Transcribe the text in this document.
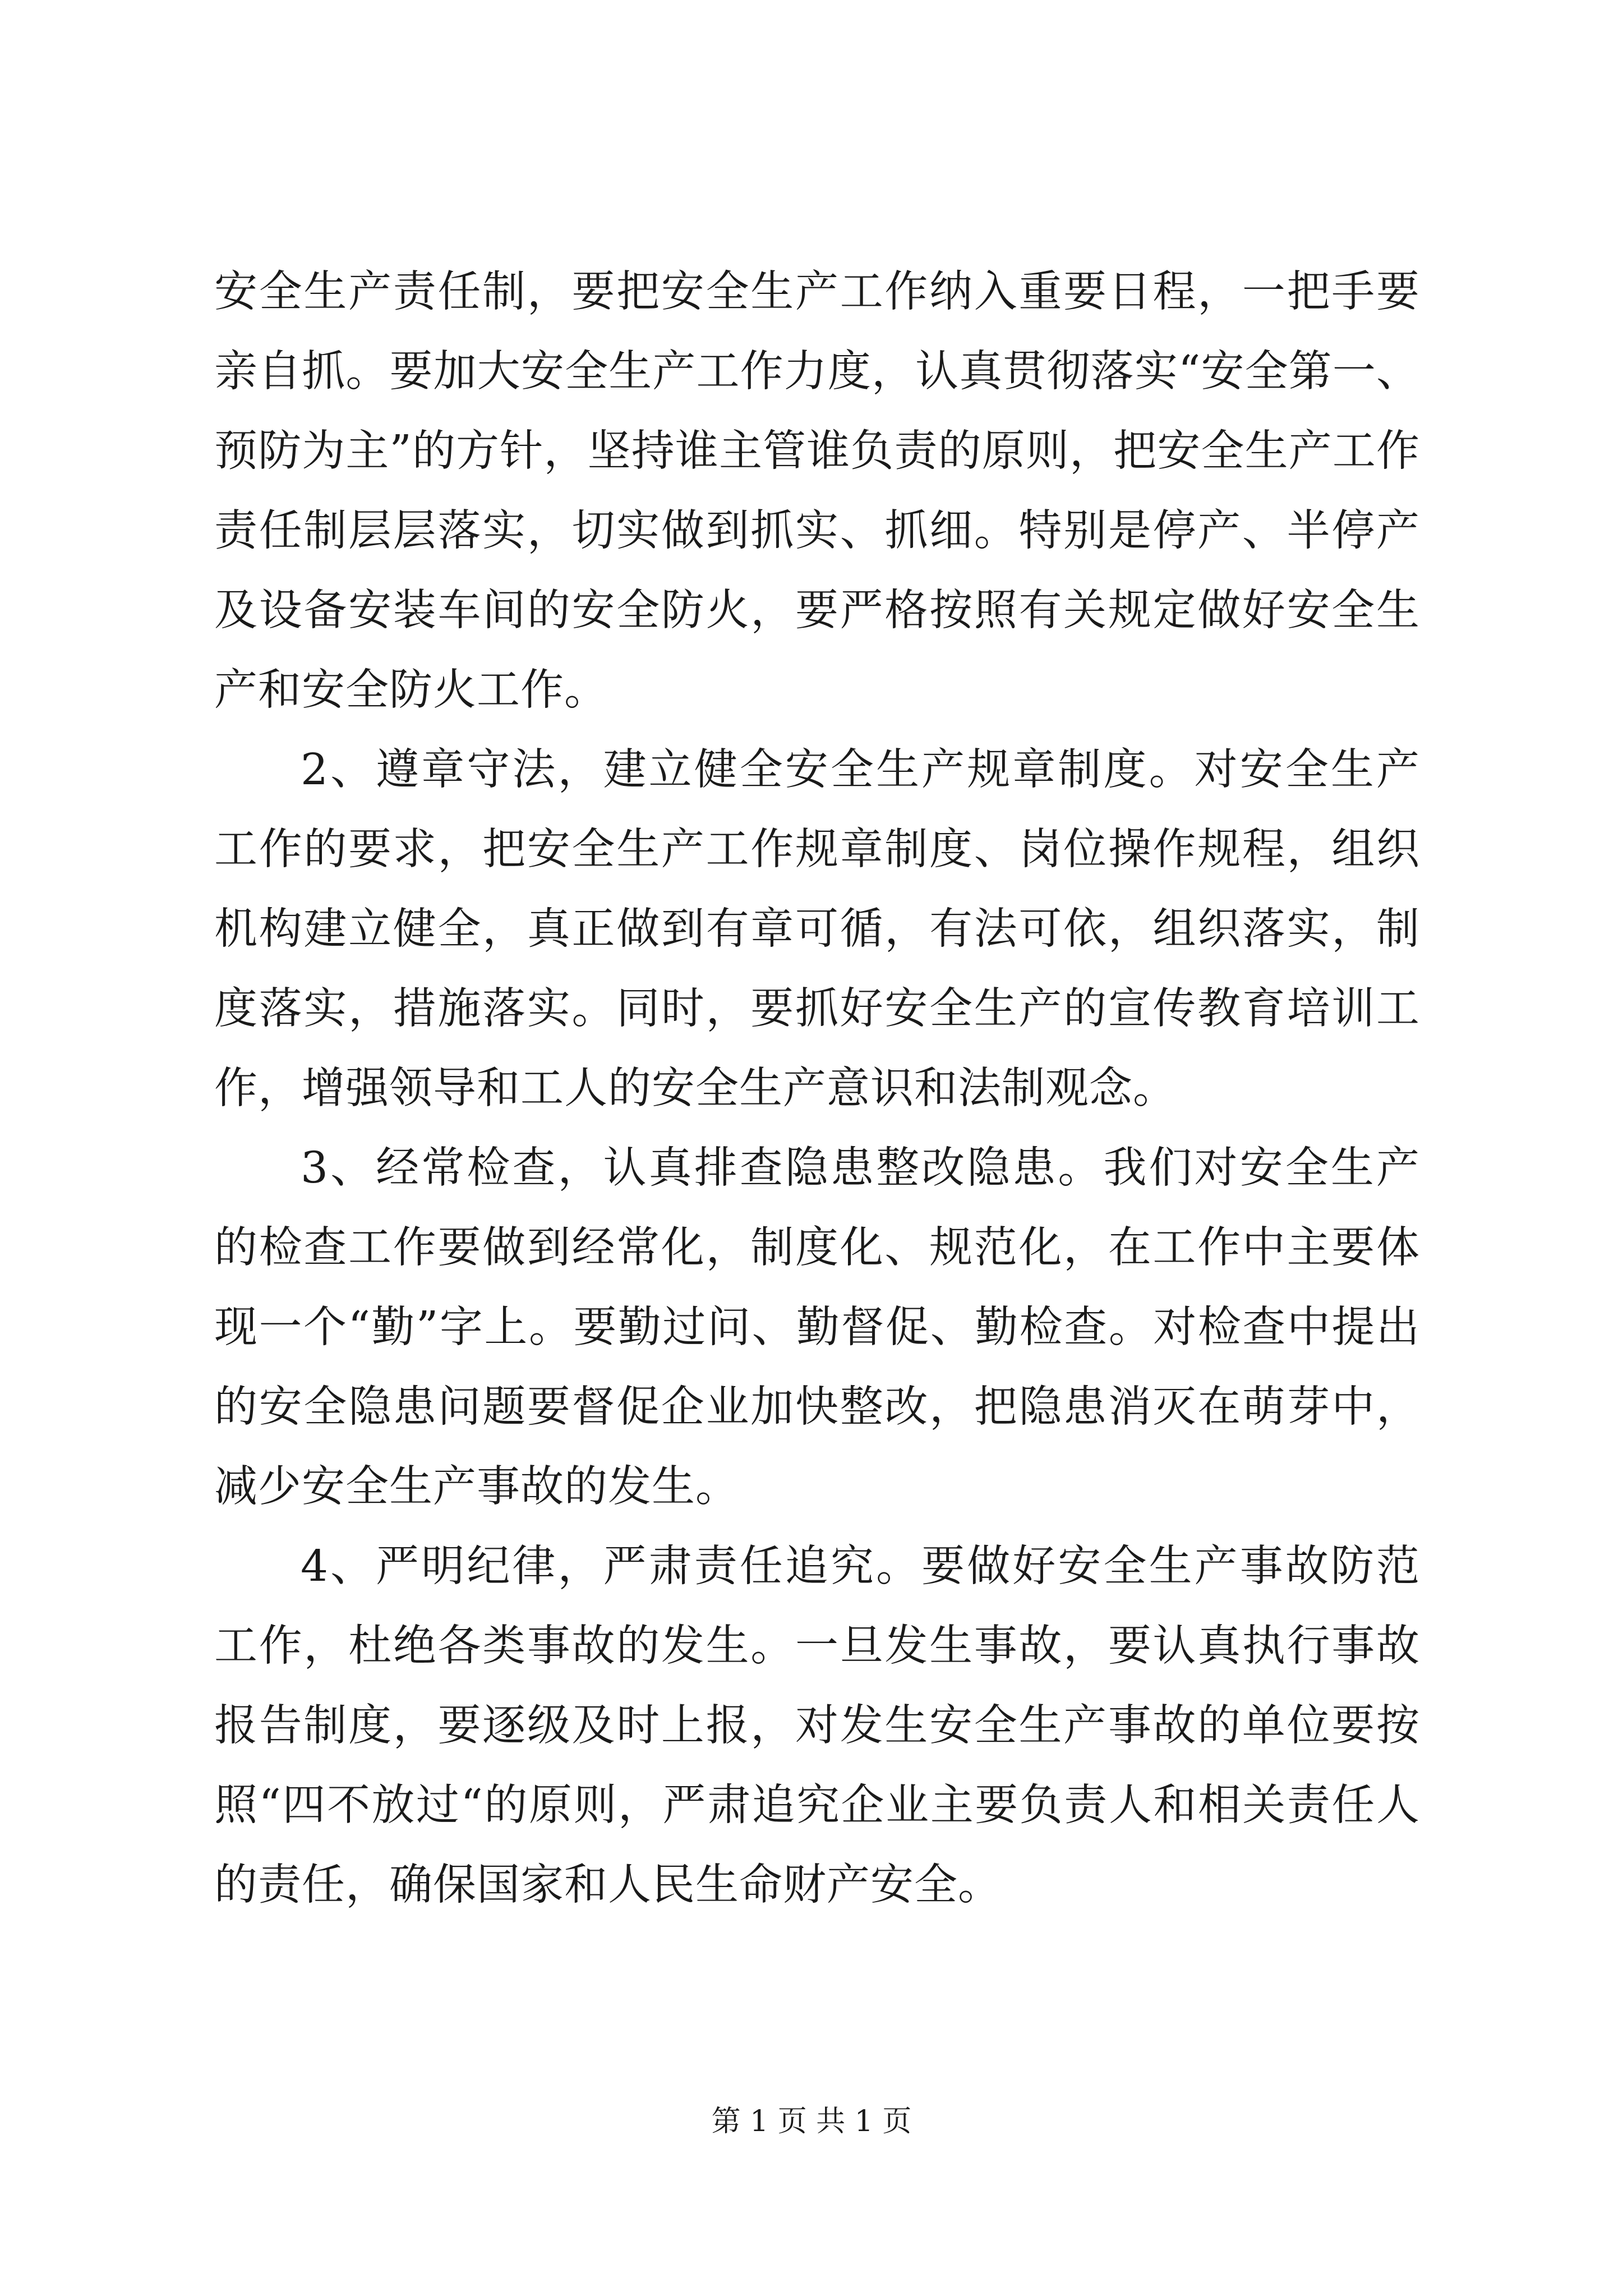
安全生产责任制，要把安全生产工作纳入重要日程，一把手要亲自抓。要加大安全生产工作力度，认真贯彻落实“安全第一、预防为主”的方针，坚持谁主管谁负责的原则，把安全生产工作责任制层层落实，切实做到抓实、抓细。特别是停产、半停产及设备安装车间的安全防火，要严格按照有关规定做好安全生产和安全防火工作。

2、遵章守法，建立健全安全生产规章制度。对安全生产工作的要求，把安全生产工作规章制度、岗位操作规程，组织机构建立健全，真正做到有章可循，有法可依，组织落实，制度落实，措施落实。同时，要抓好安全生产的宣传教育培训工作，增强领导和工人的安全生产意识和法制观念。

3、经常检查，认真排查隐患整改隐患。我们对安全生产的检查工作要做到经常化，制度化、规范化，在工作中主要体现一个“勤”字上。要勤过问、勤督促、勤检查。对检查中提出的安全隐患问题要督促企业加快整改，把隐患消灭在萌芽中，减少安全生产事故的发生。

4、严明纪律，严肃责任追究。要做好安全生产事故防范工作，杜绝各类事故的发生。一旦发生事故，要认真执行事故报告制度，要逐级及时上报，对发生安全生产事故的单位要按照“四不放过“的原则，严肃追究企业主要负责人和相关责任人的责任，确保国家和人民生命财产安全。

第 1 页 共 1 页
